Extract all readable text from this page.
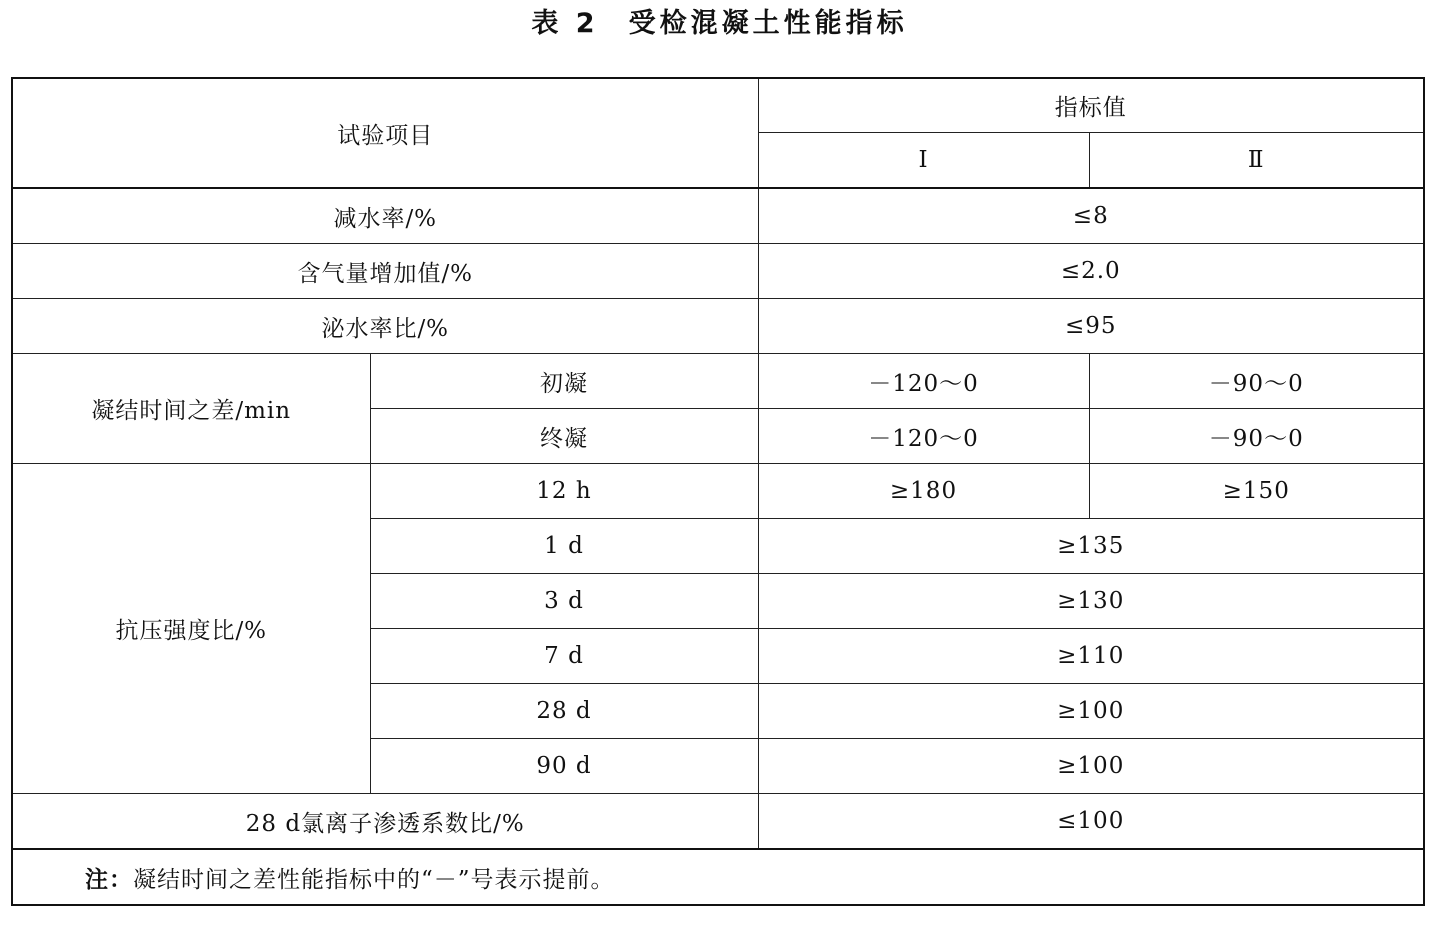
表 2 受检混凝土性能指标
试验项目		指标值	
		Ⅰ	Ⅱ
减水率/%		≤8	
含气量增加值/%		≤2.0	
泌水率比/%		≤95	
凝结时间之差/min	初凝	－120～0	－90～0
	终凝	－120～0	－90～0
抗压强度比/%	12 h	≥180	≥150
	1 d	≥135	
	3 d	≥130	
	7 d	≥110	
	28 d	≥100	
	90 d	≥100	
28 d氯离子渗透系数比/%		≤100	
注：凝结时间之差性能指标中的“－”号表示提前。			
